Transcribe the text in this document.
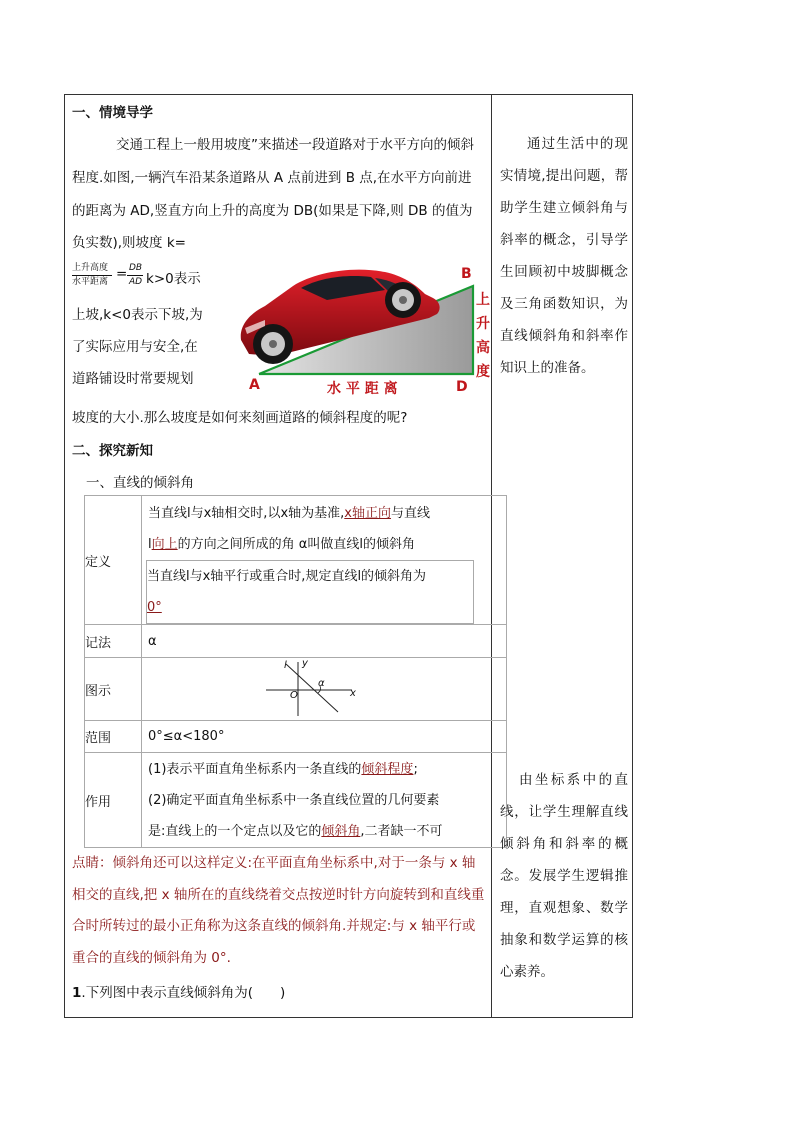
一、情境导学
交通工程上一般用坡度”来描述一段道路对于水平方向的倾斜
程度.如图,一辆汽车沿某条道路从 A 点前进到 B 点,在水平方向前进
的距离为 AD,竖直方向上升的高度为 DB(如果是下降,则 DB 的值为
负实数),则坡度 k=
上升高度
水平距离 = DB
AD k>0表示
上坡,k<0表示下坡,为
了实际应用与安全,在
道路铺设时常要规划
坡度的大小.那么坡度是如何来刻画道路的倾斜程度的呢?
A
B
D
水 平 距 离
上
升
高
度
二、探究新知
一、直线的倾斜角
定义	当直线l与x轴相交时,以x轴为基准,x轴正向与直线
l向上的方向之间所成的角 α叫做直线l的倾斜角
当直线l与x轴平行或重合时,规定直线l的倾斜角为
0°

记法	α
图示	l y
α
O x

范围	0°≤α<180°
作用	(1)表示平面直角坐标系内一条直线的倾斜程度;
(2)确定平面直角坐标系中一条直线位置的几何要素
是:直线上的一个定点以及它的倾斜角,二者缺一不可
点睛：倾斜角还可以这样定义:在平面直角坐标系中,对于一条与 x 轴相交的直线,把 x 轴所在的直线绕着交点按逆时针方向旋转到和直线重合时所转过的最小正角称为这条直线的倾斜角.并规定:与 x 轴平行或重合的直线的倾斜角为 0°.
1.下列图中表示直线倾斜角为(　　)
通过生活中的现实情境,提出问题，帮助学生建立倾斜角与斜率的概念，引导学生回顾初中坡脚概念及三角函数知识，为直线倾斜角和斜率作知识上的准备。
由坐标系中的直线，让学生理解直线倾斜角和斜率的概念。发展学生逻辑推理，直观想象、数学抽象和数学运算的核心素养。
